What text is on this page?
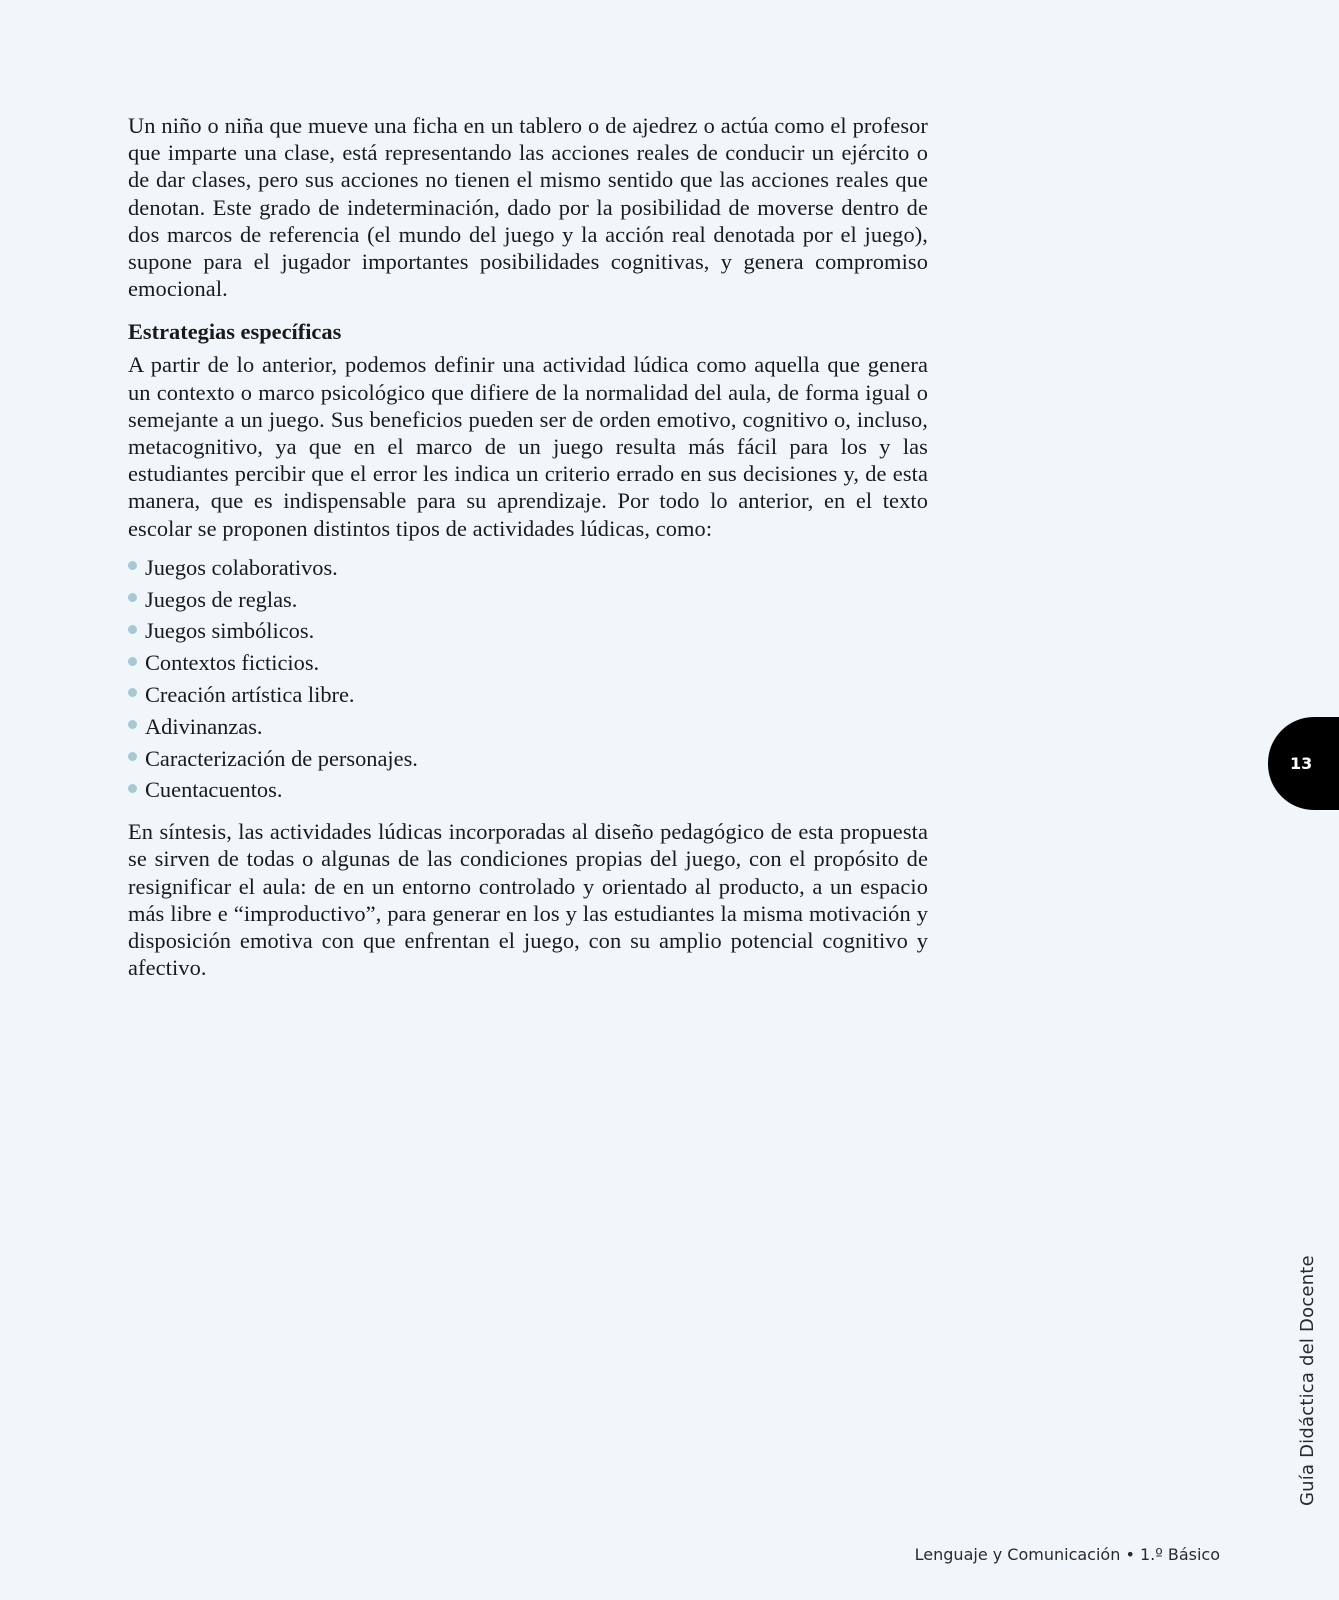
Un niño o niña que mueve una ficha en un tablero o de ajedrez o actúa como el profesor que imparte una clase, está representando las acciones reales de conducir un ejército o de dar clases, pero sus acciones no tienen el mismo sentido que las acciones reales que denotan. Este grado de indeterminación, dado por la posibilidad de moverse dentro de dos marcos de referencia (el mundo del juego y la acción real denotada por el juego), supone para el jugador importantes posibilidades cognitivas, y genera compromiso emocional.

Estrategias específicas

A partir de lo anterior, podemos definir una actividad lúdica como aquella que genera un contexto o marco psicológico que difiere de la normalidad del aula, de forma igual o semejante a un juego. Sus beneficios pueden ser de orden emotivo, cognitivo o, incluso, metacognitivo, ya que en el marco de un juego resulta más fácil para los y las estudiantes percibir que el error les indica un criterio errado en sus decisiones y, de esta manera, que es indispensable para su aprendizaje. Por todo lo anterior, en el texto escolar se proponen distintos tipos de actividades lúdicas, como:

Juegos colaborativos.
Juegos de reglas.
Juegos simbólicos.
Contextos ficticios.
Creación artística libre.
Adivinanzas.
Caracterización de personajes.
Cuentacuentos.

En síntesis, las actividades lúdicas incorporadas al diseño pedagógico de esta propuesta se sirven de todas o algunas de las condiciones propias del juego, con el propósito de resignificar el aula: de en un entorno controlado y orientado al producto, a un espacio más libre e “improductivo”, para generar en los y las estudiantes la misma motivación y disposición emotiva con que enfrentan el juego, con su amplio potencial cognitivo y afectivo.

13
Guía Didáctica del Docente
Lenguaje y Comunicación • 1.º Básico
